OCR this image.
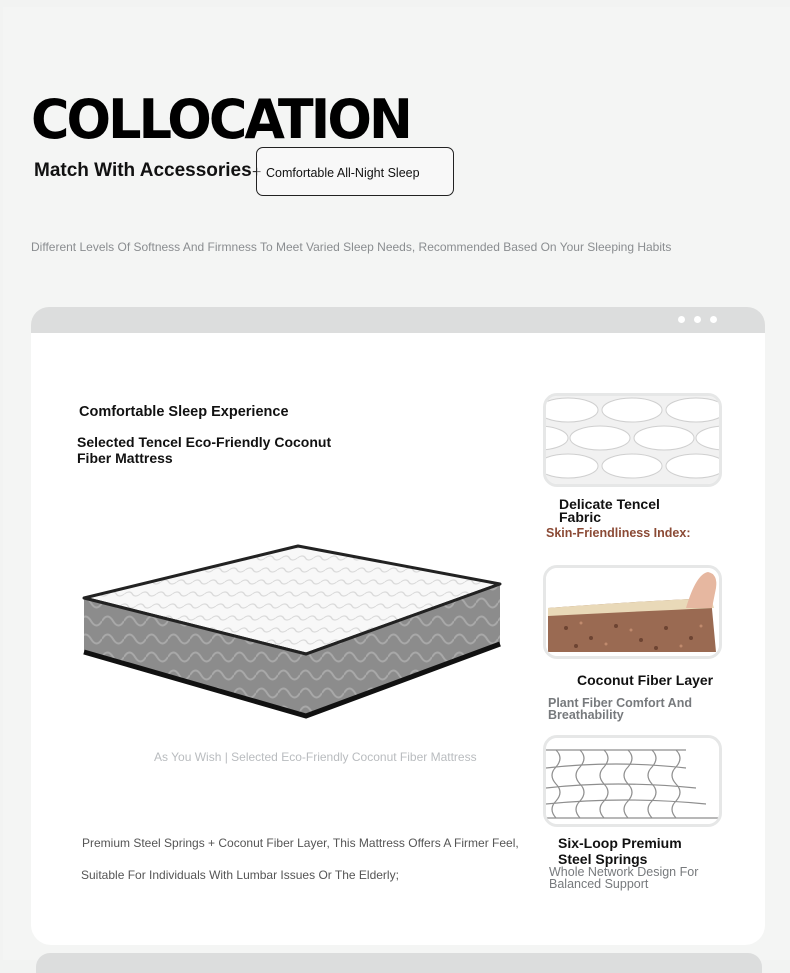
COLLOCATION
Match With Accessories + Comfortable All-Night Sleep
Different Levels Of Softness And Firmness To Meet Varied Sleep Needs, Recommended Based On Your Sleeping Habits
Comfortable Sleep Experience
Selected Tencel Eco-Friendly Coconut Fiber Mattress
As You Wish | Selected Eco-Friendly Coconut Fiber Mattress
Premium Steel Springs + Coconut Fiber Layer, This Mattress Offers A Firmer Feel,
Suitable For Individuals With Lumbar Issues Or The Elderly;
Delicate Tencel Fabric
Skin-Friendliness Index:
Coconut Fiber Layer
Plant Fiber Comfort And Breathability
Six-Loop Premium Steel Springs
Whole Network Design For Balanced Support
